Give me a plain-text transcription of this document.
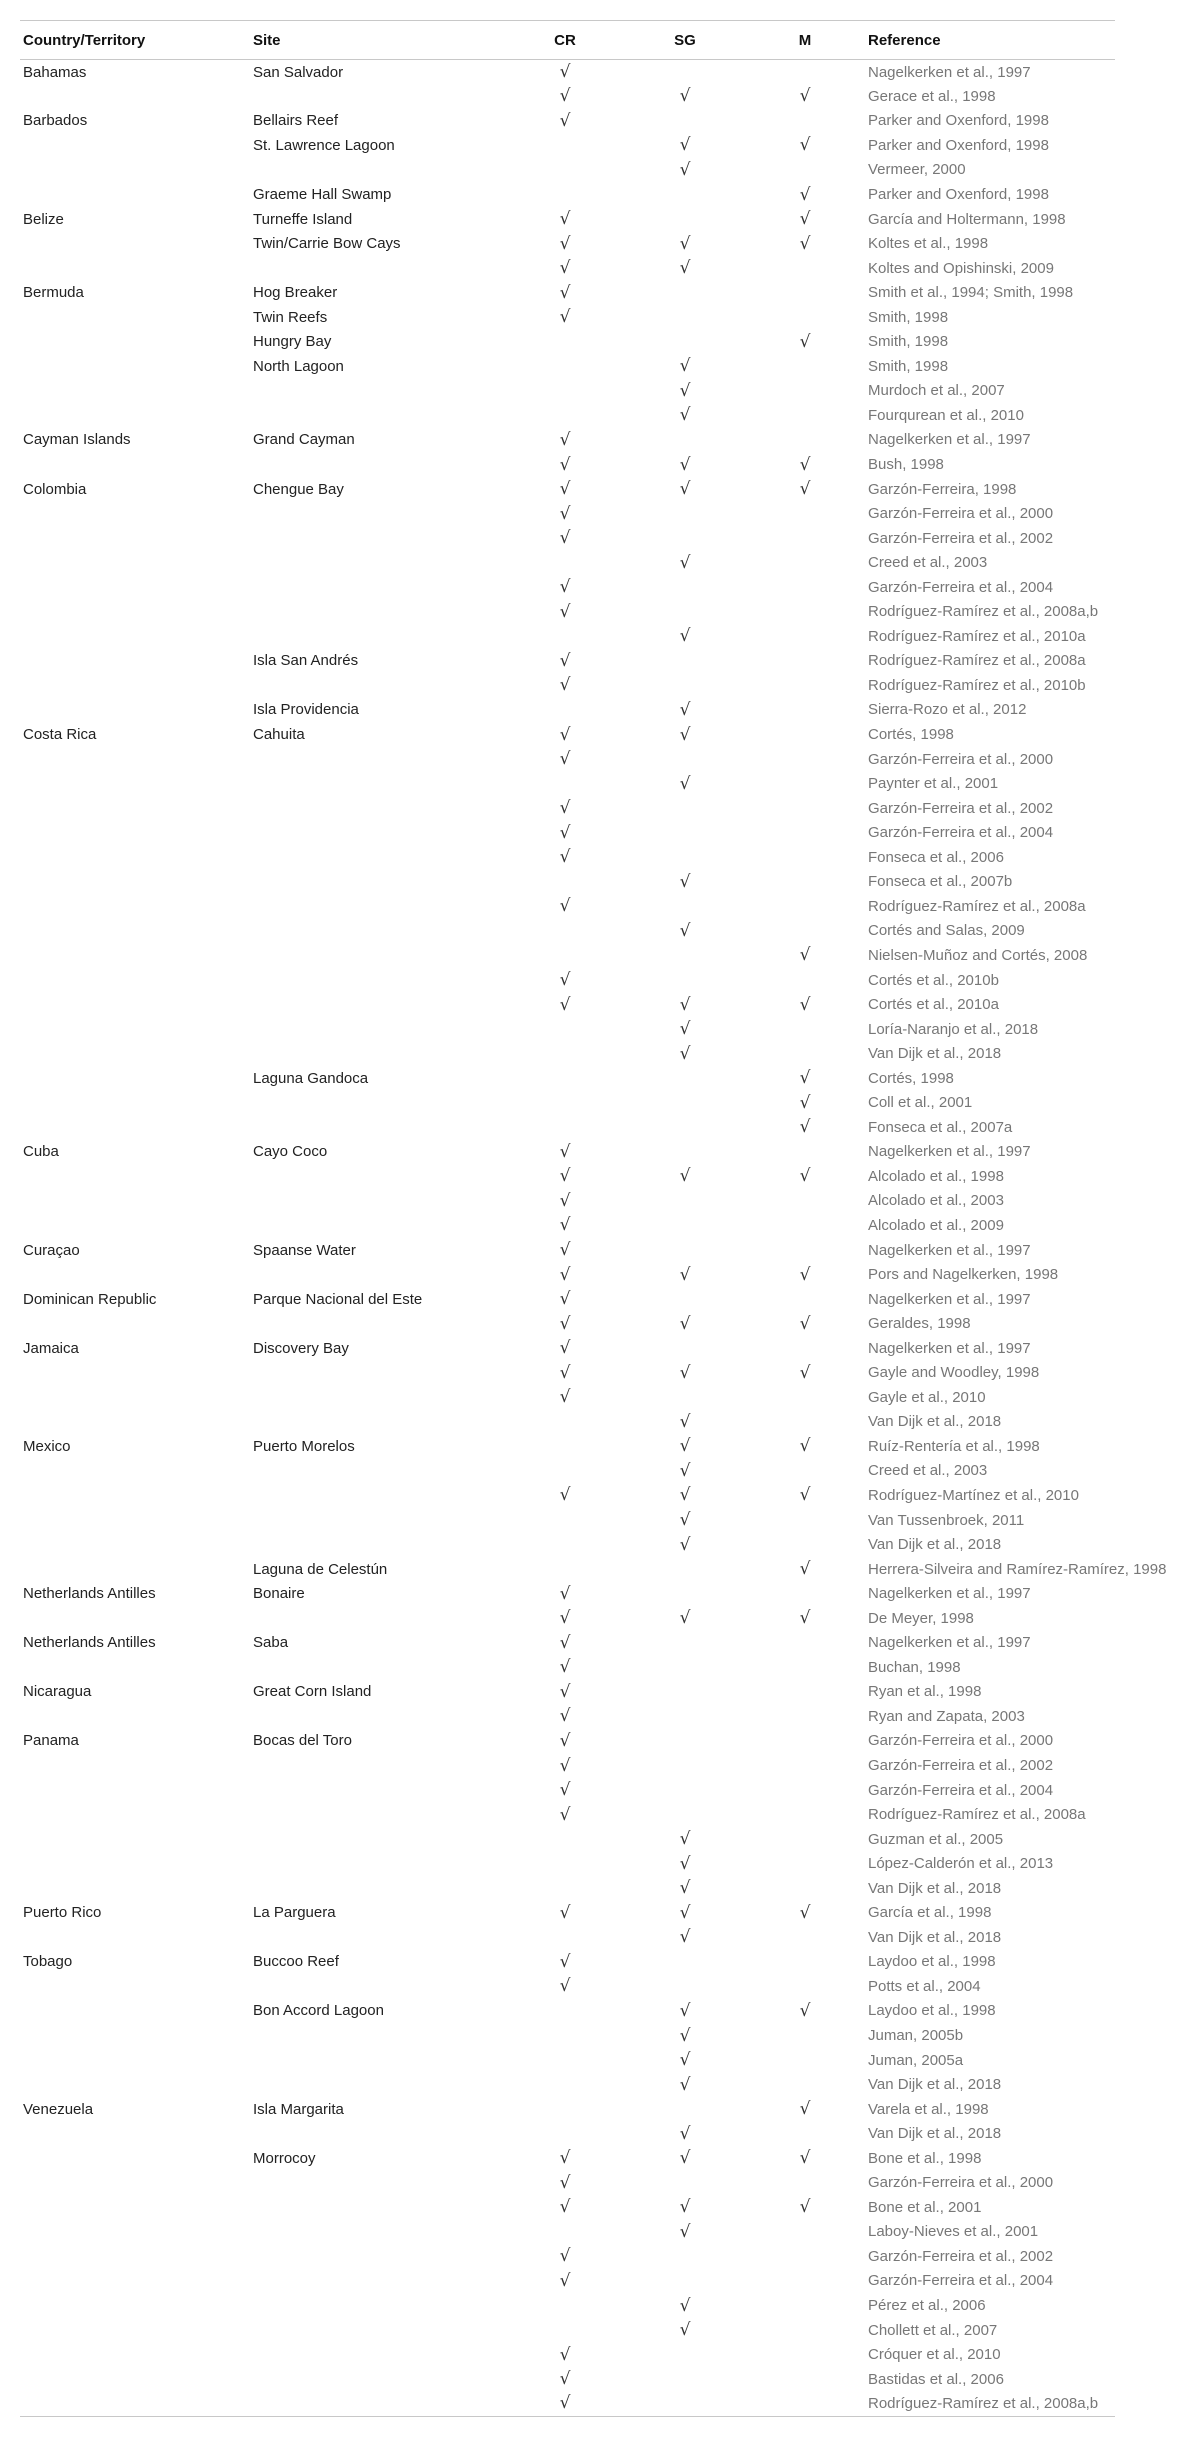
Country/Territory	Site	CR	SG	M	Reference
Bahamas	San Salvador	√			Nagelkerken et al., 1997
		√	√	√	Gerace et al., 1998
Barbados	Bellairs Reef	√			Parker and Oxenford, 1998
	St. Lawrence Lagoon		√	√	Parker and Oxenford, 1998
			√		Vermeer, 2000
	Graeme Hall Swamp			√	Parker and Oxenford, 1998
Belize	Turneffe Island	√		√	García and Holtermann, 1998
	Twin/Carrie Bow Cays	√	√	√	Koltes et al., 1998
		√	√		Koltes and Opishinski, 2009
Bermuda	Hog Breaker	√			Smith et al., 1994; Smith, 1998
	Twin Reefs	√			Smith, 1998
	Hungry Bay			√	Smith, 1998
	North Lagoon		√		Smith, 1998
			√		Murdoch et al., 2007
			√		Fourqurean et al., 2010
Cayman Islands	Grand Cayman	√			Nagelkerken et al., 1997
		√	√	√	Bush, 1998
Colombia	Chengue Bay	√	√	√	Garzón-Ferreira, 1998
		√			Garzón-Ferreira et al., 2000
		√			Garzón-Ferreira et al., 2002
			√		Creed et al., 2003
		√			Garzón-Ferreira et al., 2004
		√			Rodríguez-Ramírez et al., 2008a,b
			√		Rodríguez-Ramírez et al., 2010a
	Isla San Andrés	√			Rodríguez-Ramírez et al., 2008a
		√			Rodríguez-Ramírez et al., 2010b
	Isla Providencia		√		Sierra-Rozo et al., 2012
Costa Rica	Cahuita	√	√		Cortés, 1998
		√			Garzón-Ferreira et al., 2000
			√		Paynter et al., 2001
		√			Garzón-Ferreira et al., 2002
		√			Garzón-Ferreira et al., 2004
		√			Fonseca et al., 2006
			√		Fonseca et al., 2007b
		√			Rodríguez-Ramírez et al., 2008a
			√		Cortés and Salas, 2009
				√	Nielsen-Muñoz and Cortés, 2008
		√			Cortés et al., 2010b
		√	√	√	Cortés et al., 2010a
			√		Loría-Naranjo et al., 2018
			√		Van Dijk et al., 2018
	Laguna Gandoca			√	Cortés, 1998
				√	Coll et al., 2001
				√	Fonseca et al., 2007a
Cuba	Cayo Coco	√			Nagelkerken et al., 1997
		√	√	√	Alcolado et al., 1998
		√			Alcolado et al., 2003
		√			Alcolado et al., 2009
Curaçao	Spaanse Water	√			Nagelkerken et al., 1997
		√	√	√	Pors and Nagelkerken, 1998
Dominican Republic	Parque Nacional del Este	√			Nagelkerken et al., 1997
		√	√	√	Geraldes, 1998
Jamaica	Discovery Bay	√			Nagelkerken et al., 1997
		√	√	√	Gayle and Woodley, 1998
		√			Gayle et al., 2010
			√		Van Dijk et al., 2018
Mexico	Puerto Morelos		√	√	Ruíz-Rentería et al., 1998
			√		Creed et al., 2003
		√	√	√	Rodríguez-Martínez et al., 2010
			√		Van Tussenbroek, 2011
			√		Van Dijk et al., 2018
	Laguna de Celestún			√	Herrera-Silveira and Ramírez-Ramírez, 1998
Netherlands Antilles	Bonaire	√			Nagelkerken et al., 1997
		√	√	√	De Meyer, 1998
Netherlands Antilles	Saba	√			Nagelkerken et al., 1997
		√			Buchan, 1998
Nicaragua	Great Corn Island	√			Ryan et al., 1998
		√			Ryan and Zapata, 2003
Panama	Bocas del Toro	√			Garzón-Ferreira et al., 2000
		√			Garzón-Ferreira et al., 2002
		√			Garzón-Ferreira et al., 2004
		√			Rodríguez-Ramírez et al., 2008a
			√		Guzman et al., 2005
			√		López-Calderón et al., 2013
			√		Van Dijk et al., 2018
Puerto Rico	La Parguera	√	√	√	García et al., 1998
			√		Van Dijk et al., 2018
Tobago	Buccoo Reef	√			Laydoo et al., 1998
		√			Potts et al., 2004
	Bon Accord Lagoon		√	√	Laydoo et al., 1998
			√		Juman, 2005b
			√		Juman, 2005a
			√		Van Dijk et al., 2018
Venezuela	Isla Margarita			√	Varela et al., 1998
			√		Van Dijk et al., 2018
	Morrocoy	√	√	√	Bone et al., 1998
		√			Garzón-Ferreira et al., 2000
		√	√	√	Bone et al., 2001
			√		Laboy-Nieves et al., 2001
		√			Garzón-Ferreira et al., 2002
		√			Garzón-Ferreira et al., 2004
			√		Pérez et al., 2006
			√		Chollett et al., 2007
		√			Cróquer et al., 2010
		√			Bastidas et al., 2006
		√			Rodríguez-Ramírez et al., 2008a,b
